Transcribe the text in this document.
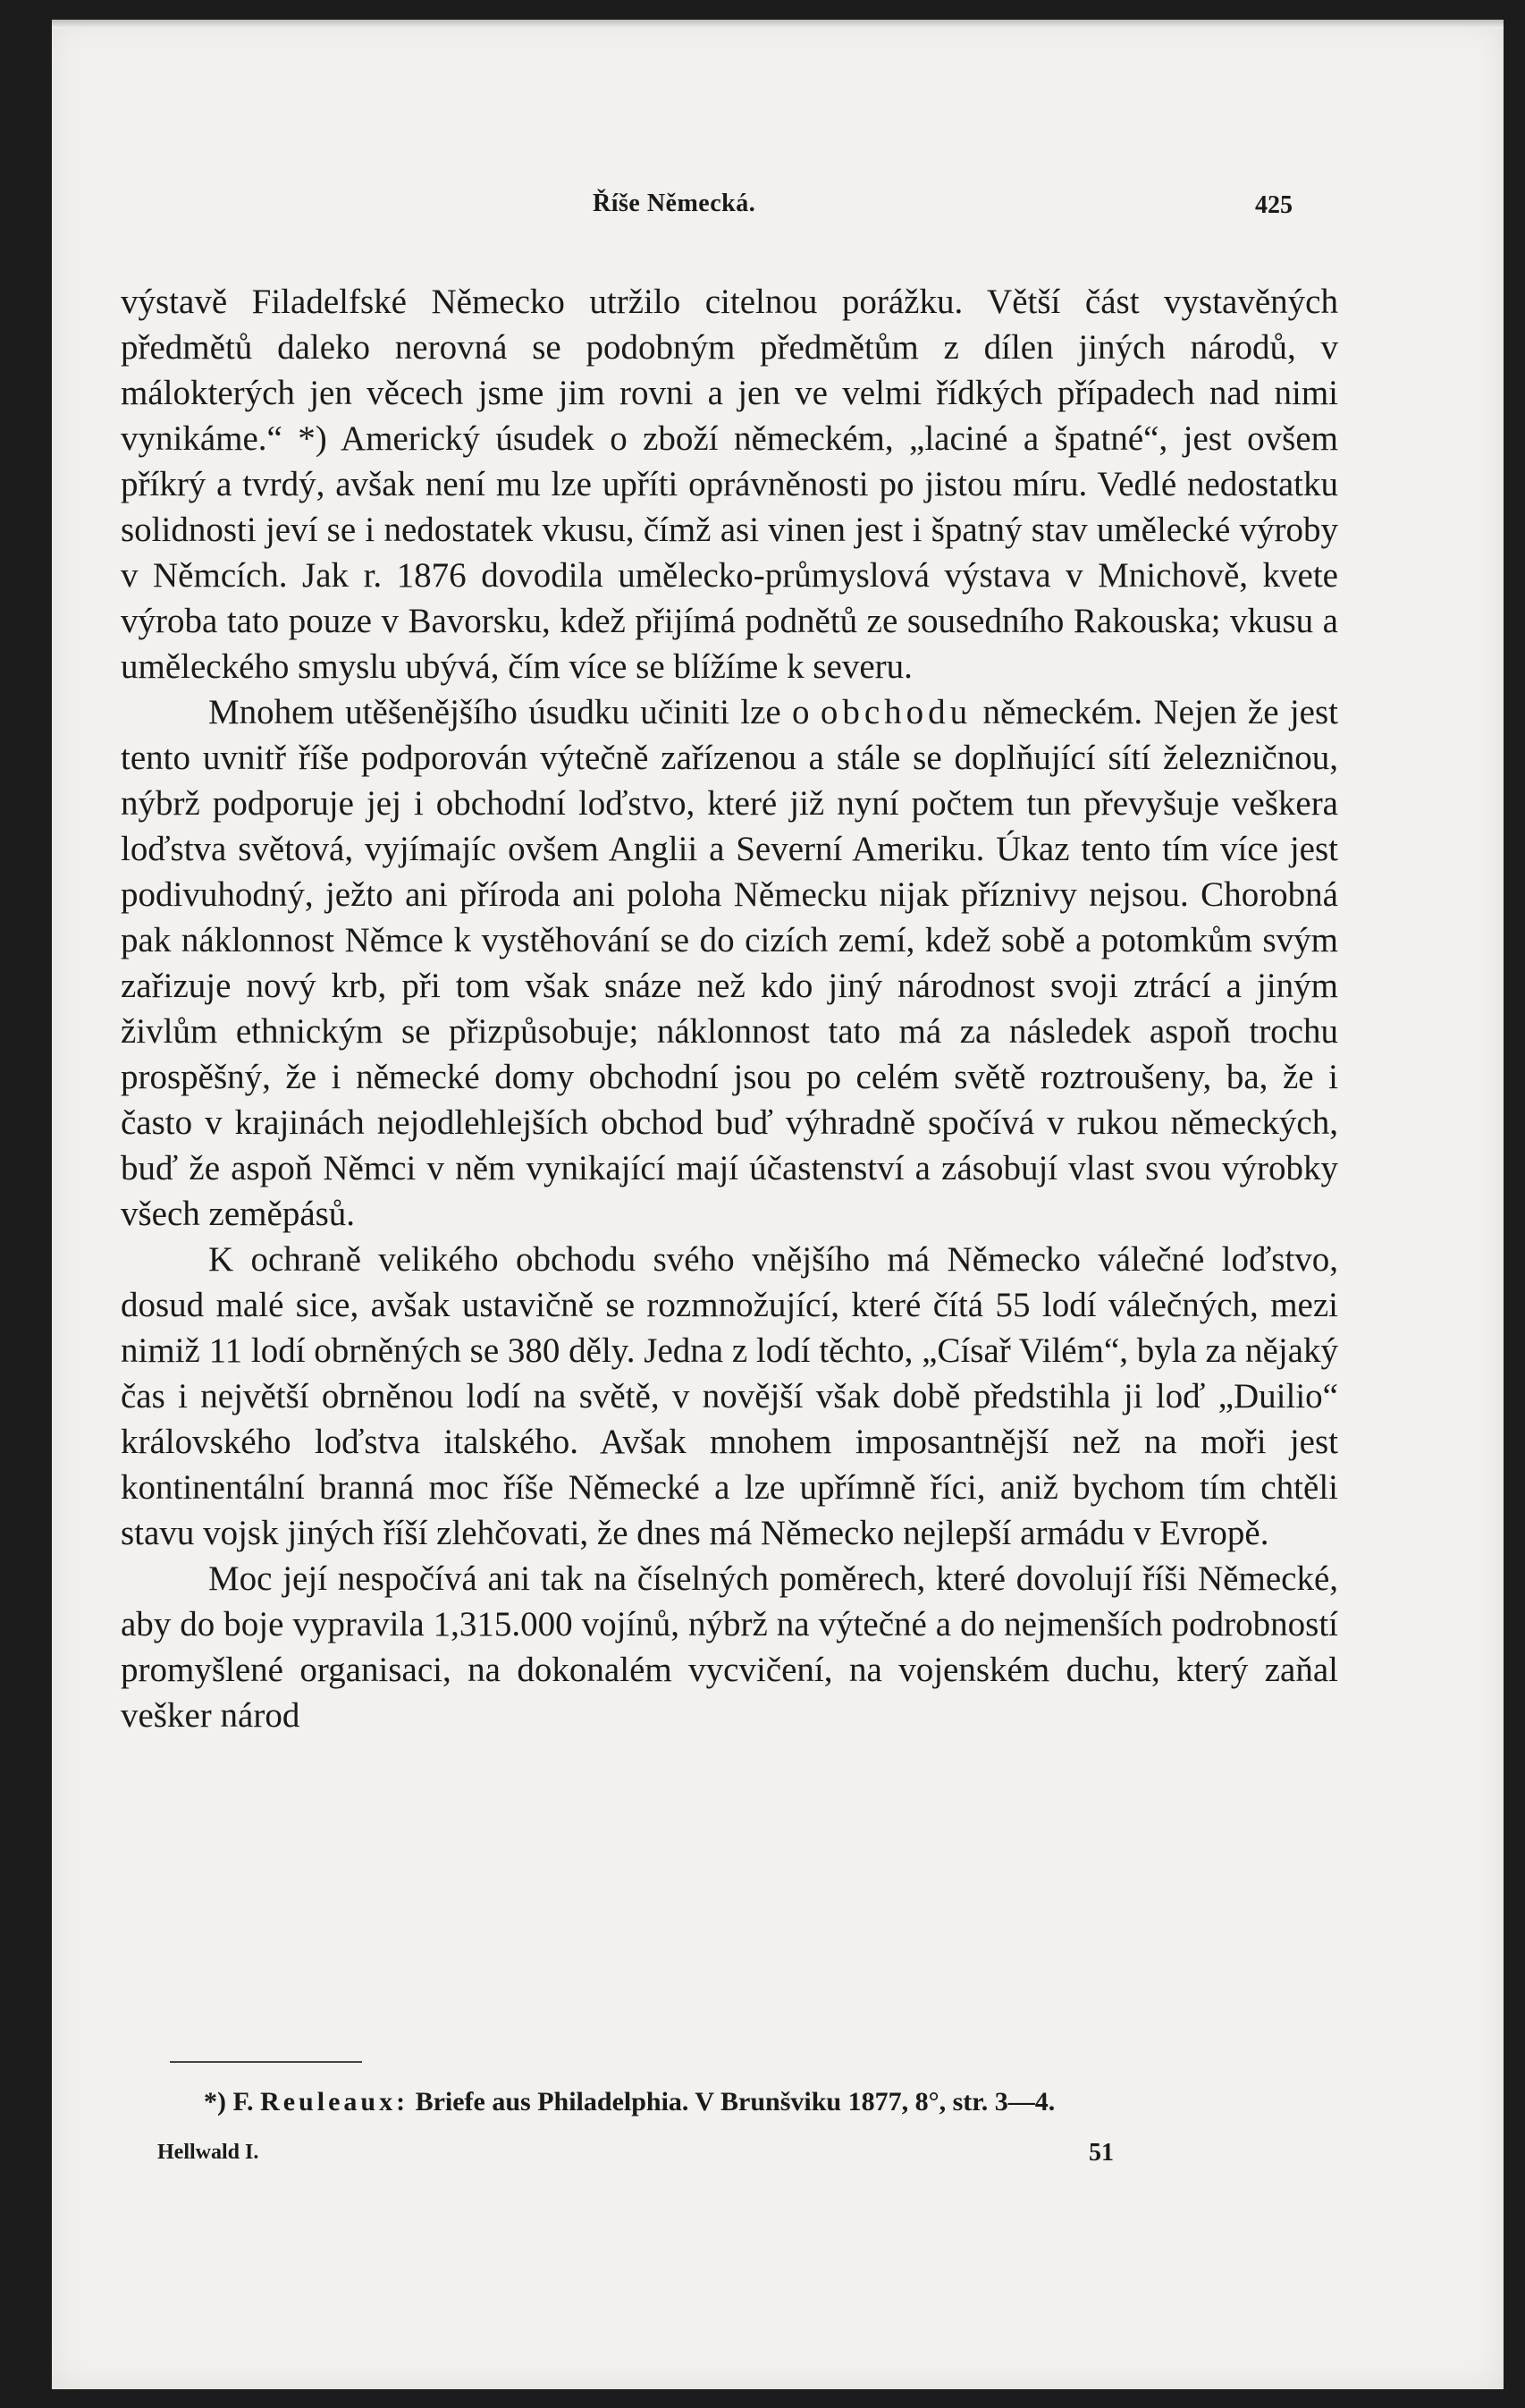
Říše Německá.	425

výstavě Filadelfské Německo utržilo citelnou porážku. Větší část vystavěných předmětů daleko nerovná se podobným předmětům z dílen jiných národů, v málokterých jen věcech jsme jim rovni a jen ve velmi řídkých případech nad nimi vynikáme.“ *) Americký úsudek o zboží německém, „laciné a špatné“, jest ovšem příkrý a tvrdý, avšak není mu lze upříti oprávněnosti po jistou míru. Vedlé nedostatku solidnosti jeví se i nedostatek vkusu, čímž asi vinen jest i špatný stav umělecké výroby v Němcích. Jak r. 1876 dovodila umělecko-průmyslová výstava v Mnichově, kvete výroba tato pouze v Bavorsku, kdež přijímá podnětů ze sousedního Rakouska; vkusu a uměleckého smyslu ubývá, čím více se blížíme k severu.

Mnohem utěšenějšího úsudku učiniti lze o obchodu německém. Nejen že jest tento uvnitř říše podporován výtečně zařízenou a stále se doplňující sítí železničnou, nýbrž podporuje jej i obchodní loďstvo, které již nyní počtem tun převyšuje veškera loďstva světová, vyjímajíc ovšem Anglii a Severní Ameriku. Úkaz tento tím více jest podivuhodný, ježto ani příroda ani poloha Německu nijak příznivy nejsou. Chorobná pak náklonnost Němce k vystěhování se do cizích zemí, kdež sobě a potomkům svým zařizuje nový krb, při tom však snáze než kdo jiný národnost svoji ztrácí a jiným živlům ethnickým se přizpůsobuje; náklonnost tato má za následek aspoň trochu prospěšný, že i německé domy obchodní jsou po celém světě roztroušeny, ba, že i často v krajinách nejodlehlejších obchod buď výhradně spočívá v rukou německých, buď že aspoň Němci v něm vynikající mají účastenství a zásobují vlast svou výrobky všech zeměpásů.

K ochraně velikého obchodu svého vnějšího má Německo válečné loďstvo, dosud malé sice, avšak ustavičně se rozmnožující, které čítá 55 lodí válečných, mezi nimiž 11 lodí obrněných se 380 děly. Jedna z lodí těchto, „Císař Vilém“, byla za nějaký čas i největší obrněnou lodí na světě, v novější však době předstihla ji loď „Duilio“ královského loďstva italského. Avšak mnohem imposantnější než na moři jest kontinentální branná moc říše Německé a lze upřímně říci, aniž bychom tím chtěli stavu vojsk jiných říší zlehčovati, že dnes má Německo nejlepší armádu v Evropě.

Moc její nespočívá ani tak na číselných poměrech, které dovolují říši Německé, aby do boje vypravila 1,315.000 vojínů, nýbrž na výtečné a do nejmenších podrobností promyšlené organisaci, na dokonalém vycvičení, na vojenském duchu, který zaňal vešker národ

*) F. Reuleaux: Briefe aus Philadelphia. V Brunšviku 1877, 8°, str. 3—4.
Hellwald I.	51
